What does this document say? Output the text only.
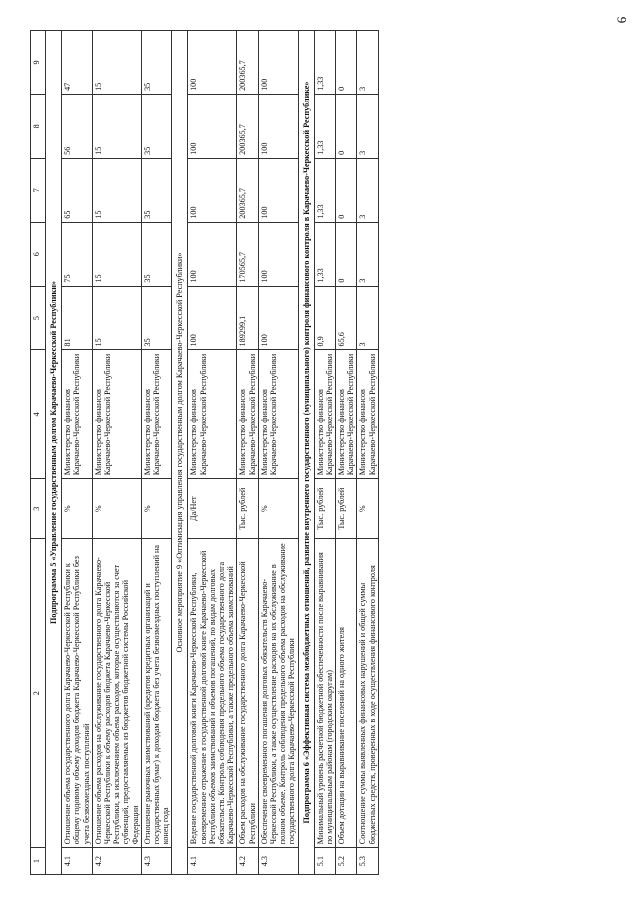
9
1	2	3	4	5	6	7	8	9
Подпрограмма 5 «Управление государственным долгом Карачаево-Черкесской Республики»								
4.1	Отношение объема государственного долга Карачаево-Черкесской Республики к общему годовому объему доходов бюджета Карачаево-Черкесской Республики без учета безвозмездных поступлений	%	Министерство финансов Карачаево-Черкесской Республики	81	75	65	56	47
4.2	Отношение объема расходов на обслуживание государственного долга Карачаево-Черкесской Республики к объему расходов бюджета Карачаево-Черкесской Республики, за исключением объема расходов, которые осуществляются за счет субвенций, предоставляемых из бюджетов бюджетной системы Российской Федерации	%	Министерство финансов Карачаево-Черкесской Республики	15	15	15	15	15
4.3	Отношение рыночных заимствований (кредитов кредитных организаций и государственных бумаг) к доходам бюджета без учета безвозмездных поступлений на конец года	%	Министерство финансов Карачаево-Черкесской Республики	35	35	35	35	35
Основное мероприятие 9 «Оптимизация управления государственным долгом Карачаево-Черкесской Республики»								
4.1	Ведение государственной долговой книги Карачаево-Черкесской Республики, своевременное отражение в государственной долговой книге Карачаево-Черкесской Республики объемов заимствований и объемов погашений, по видам долговых обязательств. Контроль соблюдения предельного объема государственного долга Карачаево-Черкесской Республики, а также предельного объема заимствований	Да/Нет	Министерство финансов Карачаево-Черкесской Республики	100	100	100	100	100
4.2	Объем расходов на обслуживание государственного долга Карачаево-Черкесской Республики	Тыс. рублей	Министерство финансов Карачаево-Черкесской Республики	189299,1	170565,7	200365,7	200365,7	200365,7
4.3	Обеспечение своевременного погашения долговых обязательств Карачаево-Черкесской Республики, а также осуществление расходов на их обслуживание в полном объеме. Контроль соблюдения предельного объема расходов на обслуживание государственного долга Карачаево-Черкесской Республики	%	Министерство финансов Карачаево-Черкесской Республики	100	100	100	100	100
Подпрограмма 6 «Эффективная система межбюджетных отношений, развитие внутреннего государственного (муниципального) контроля финансового контроля в Карачаево-Черкесской Республике»								
5.1	Минимальный уровень расчетной бюджетной обеспеченности после выравнивания по муниципальным районам (городским округам)	Тыс. рублей	Министерство финансов Карачаево-Черкесской Республики	0,9	1,33	1,33	1,33	1,33
5.2	Объем дотации на выравнивание поселений на одного жителя	Тыс. рублей	Министерство финансов Карачаево-Черкесской Республики	65,6	0	0	0	0
5.3	Соотношение суммы выявленных финансовых нарушений и общей суммы бюджетных средств, проверенных в ходе осуществления финансового контроля	%	Министерство финансов Карачаево-Черкесской Республики	3	3	3	3	3
